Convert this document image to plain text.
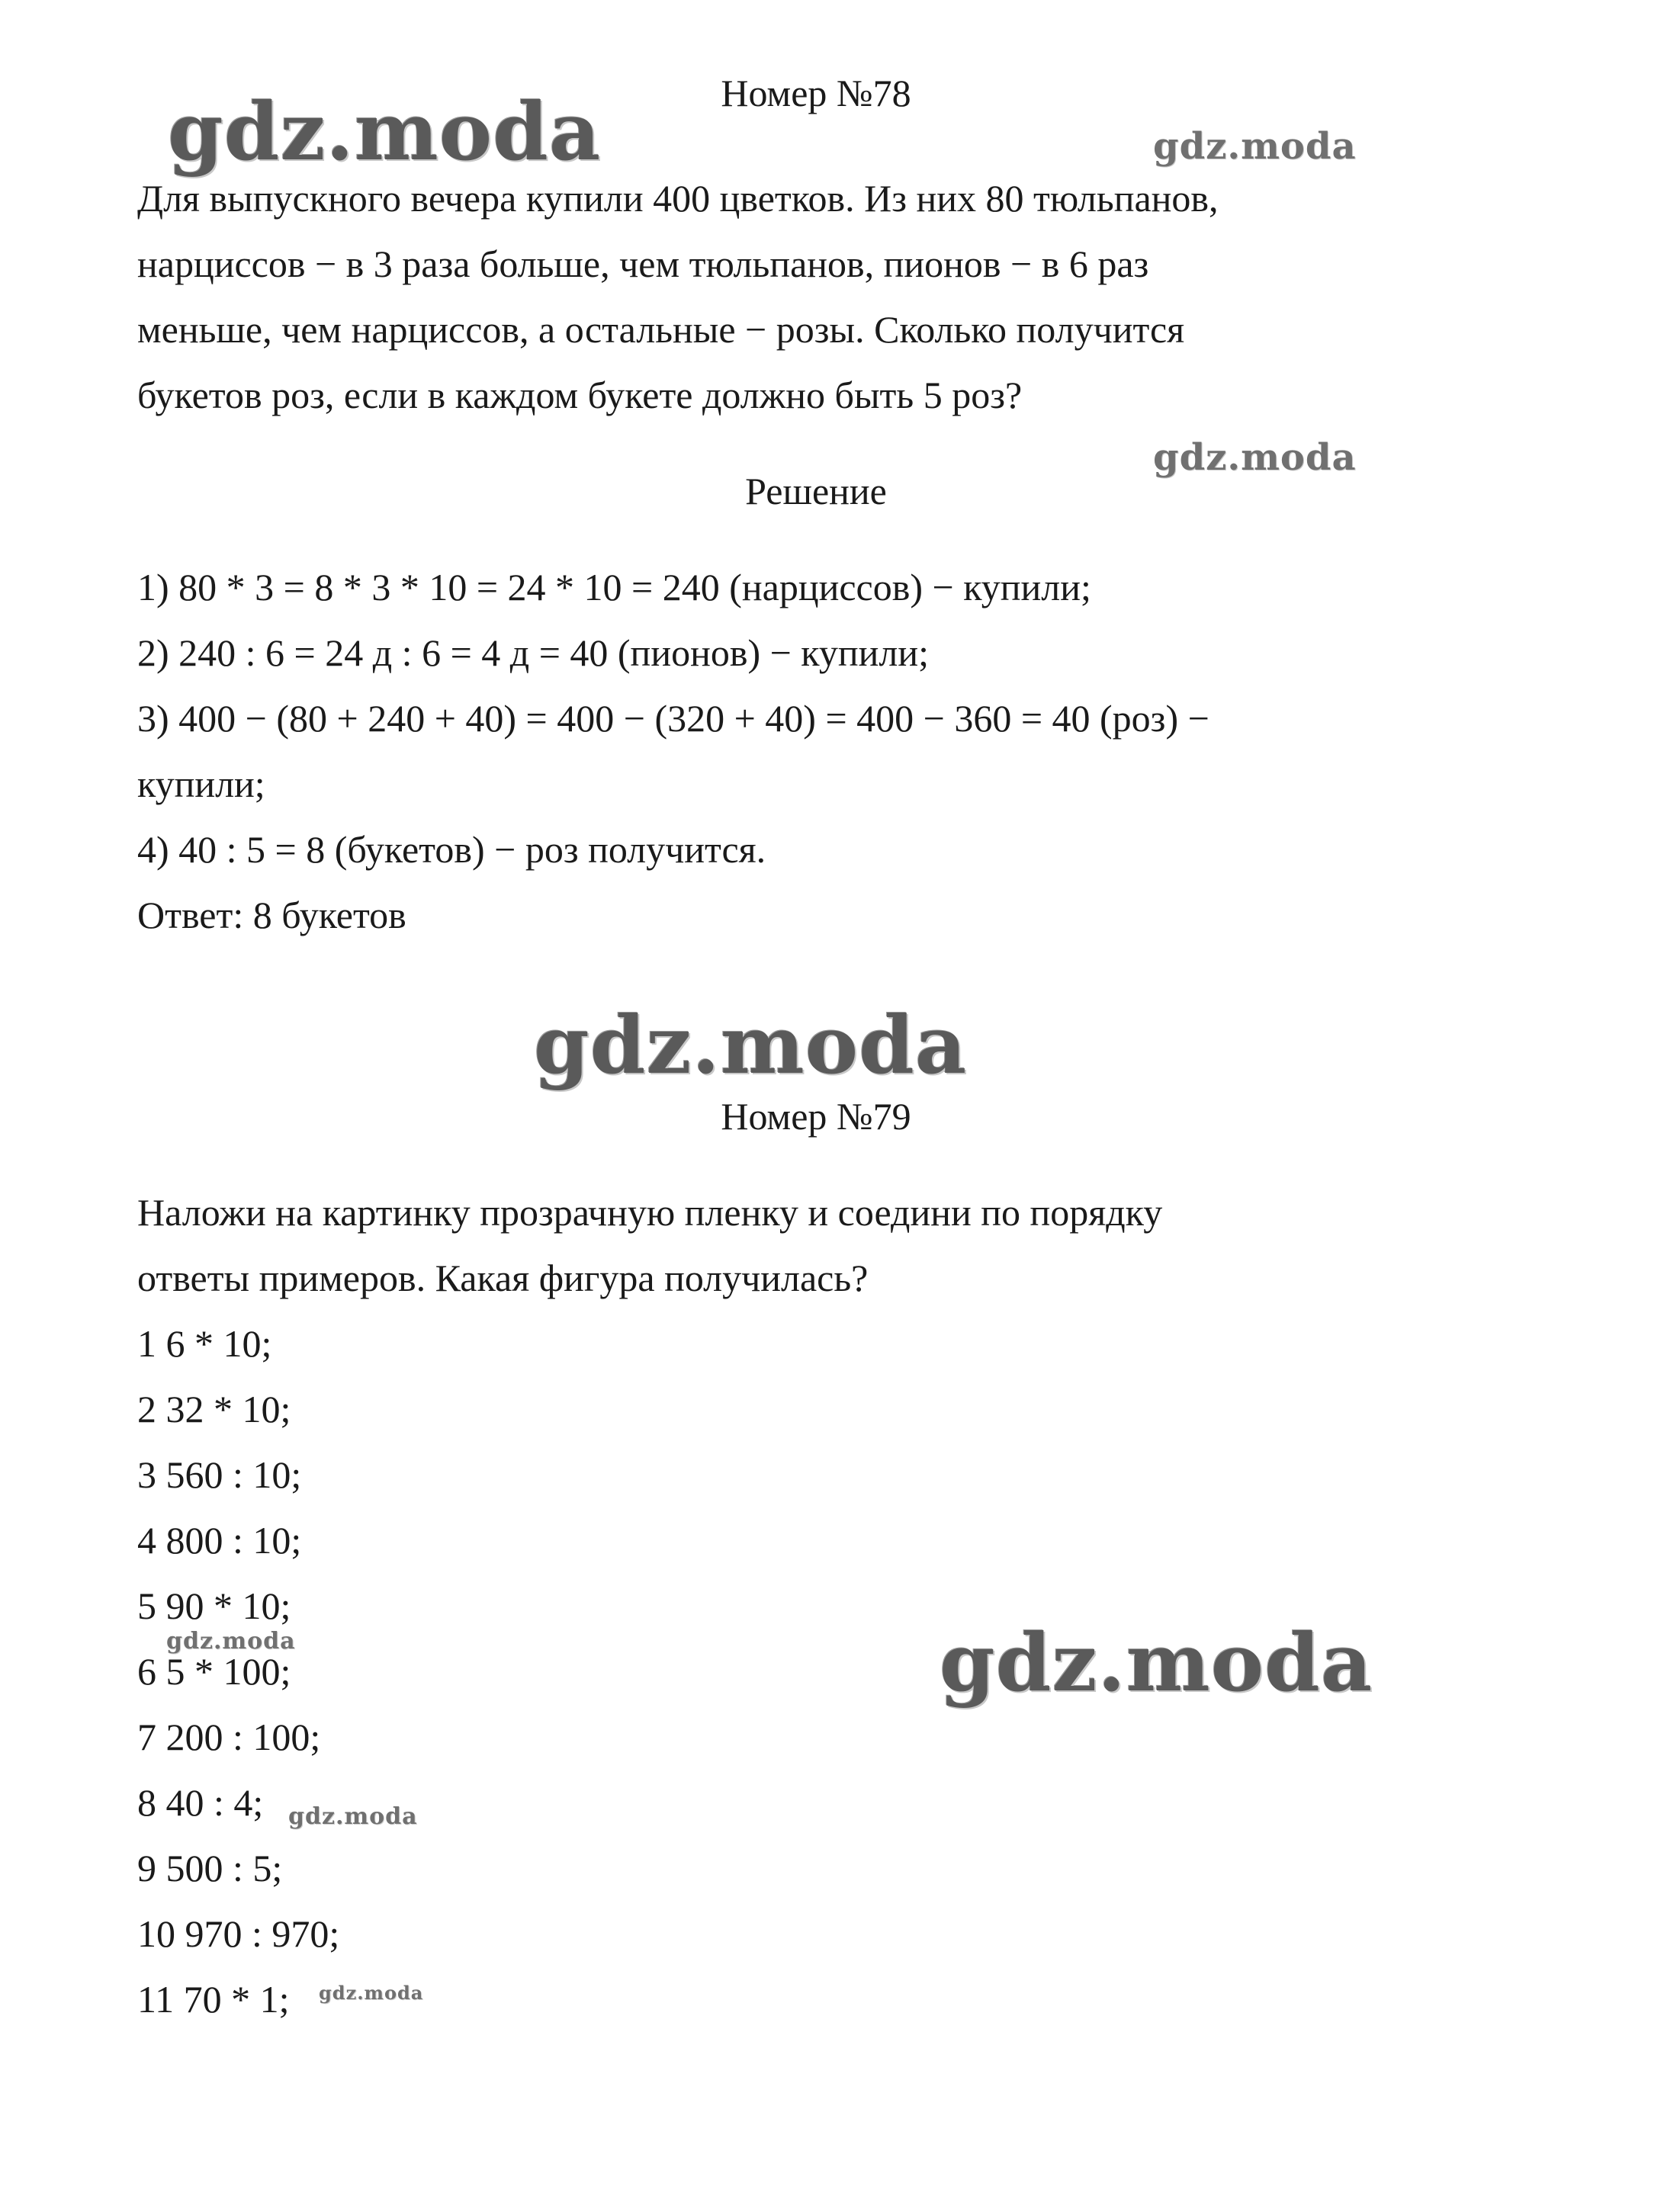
Номер №78
Для выпускного вечера купили 400 цветков. Из них 80 тюльпанов,
нарциссов − в 3 раза больше, чем тюльпанов, пионов − в 6 раз
меньше, чем нарциссов, а остальные − розы. Сколько получится
букетов роз, если в каждом букете должно быть 5 роз?
Решение
1) 80 * 3 = 8 * 3 * 10 = 24 * 10 = 240 (нарциссов) − купили;
2) 240 : 6 = 24 д : 6 = 4 д = 40 (пионов) − купили;
3) 400 − (80 + 240 + 40) = 400 − (320 + 40) = 400 − 360 = 40 (роз) −
купили;
4) 40 : 5 = 8 (букетов) − роз получится.
Ответ: 8 букетов
Номер №79
Наложи на картинку прозрачную пленку и соедини по порядку
ответы примеров. Какая фигура получилась?
1 6 * 10;
2 32 * 10;
3 560 : 10;
4 800 : 10;
5 90 * 10;
6 5 * 100;
7 200 : 100;
8 40 : 4;
9 500 : 5;
10 970 : 970;
11 70 * 1;
gdz.moda	gdz.moda
gdz.moda
gdz.moda
gdz.moda
gdz.moda
gdz.moda
gdz.moda
